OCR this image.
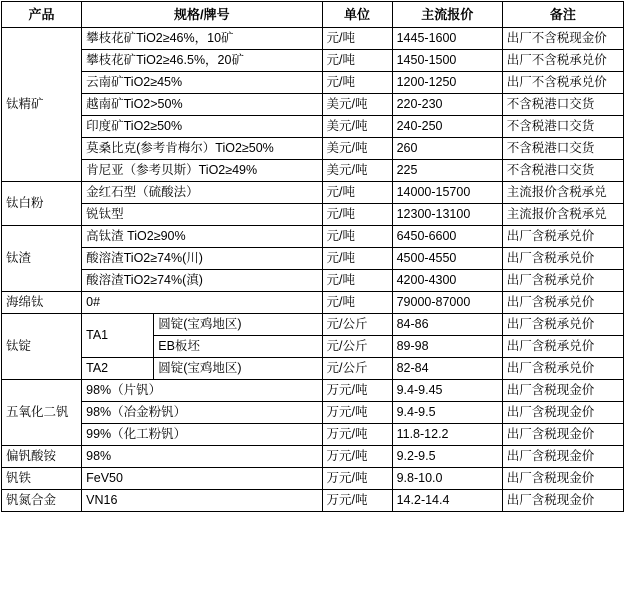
产品	规格/牌号		单位	主流报价	备注
钛精矿	攀枝花矿TiO2≥46%，10矿		元/吨	1445-1600	出厂不含税现金价
	攀枝花矿TiO2≥46.5%，20矿		元/吨	1450-1500	出厂不含税承兑价
	云南矿TiO2≥45%		元/吨	1200-1250	出厂不含税承兑价
	越南矿TiO2>50%		美元/吨	220-230	不含税港口交货
	印度矿TiO2≥50%		美元/吨	240-250	不含税港口交货
	莫桑比克(参考肯梅尔）TiO2≥50%		美元/吨	260	不含税港口交货
	肯尼亚（参考贝斯）TiO2≥49%		美元/吨	225	不含税港口交货
钛白粉	金红石型（硫酸法）		元/吨	14000-15700	主流报价含税承兑
	锐钛型		元/吨	12300-13100	主流报价含税承兑
钛渣	高钛渣 TiO2≥90%		元/吨	6450-6600	出厂含税承兑价
	酸溶渣TiO2≥74%(川)		元/吨	4500-4550	出厂含税承兑价
	酸溶渣TiO2≥74%(滇)		元/吨	4200-4300	出厂含税承兑价
海绵钛	0#		元/吨	79000-87000	出厂含税承兑价
钛锭	TA1	圆锭(宝鸡地区)	元/公斤	84-86	出厂含税承兑价
		EB板坯	元/公斤	89-98	出厂含税承兑价
	TA2	圆锭(宝鸡地区)	元/公斤	82-84	出厂含税承兑价
五氧化二钒	98%（片钒）		万元/吨	9.4-9.45	出厂含税现金价
	98%（冶金粉钒）		万元/吨	9.4-9.5	出厂含税现金价
	99%（化工粉钒）		万元/吨	11.8-12.2	出厂含税现金价
偏钒酸铵	98%		万元/吨	9.2-9.5	出厂含税现金价
钒铁	FeV50		万元/吨	9.8-10.0	出厂含税现金价
钒氮合金	VN16		万元/吨	14.2-14.4	出厂含税现金价
